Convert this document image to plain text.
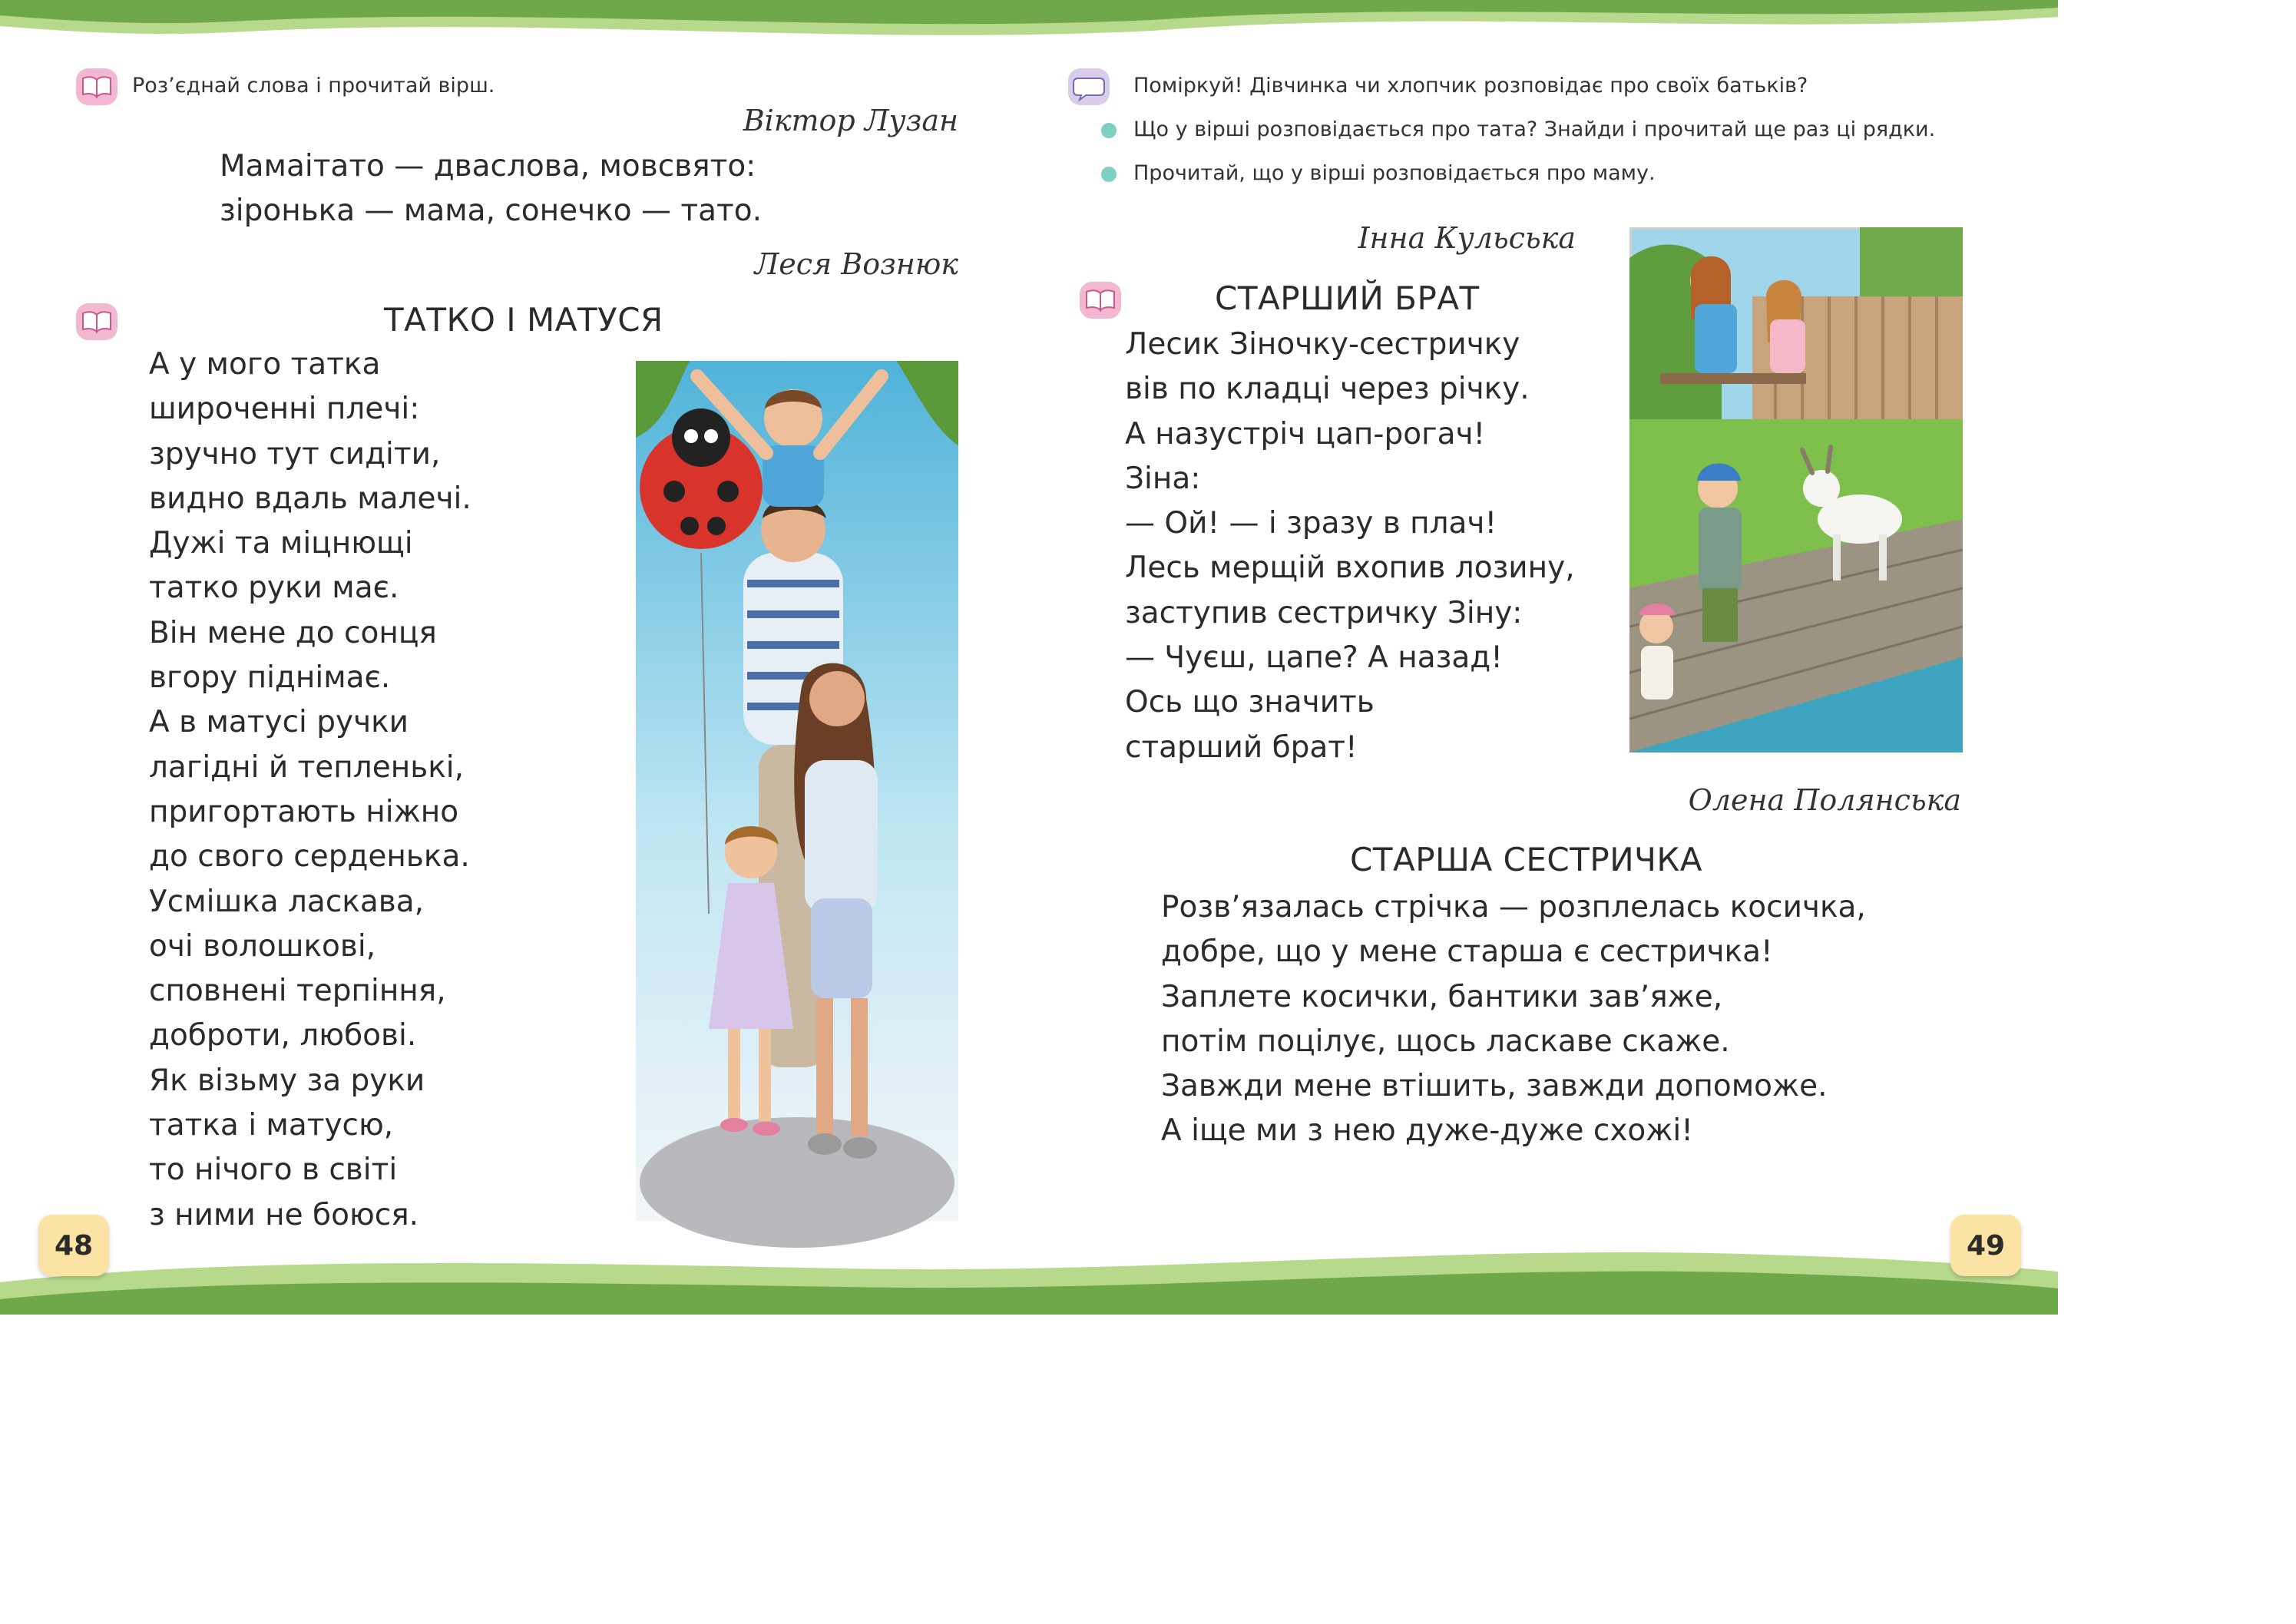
Роз’єднай слова і прочитай вірш.
Віктор Лузан
Мамаітато — дваслова, мовсвято:
зіронька — мама, сонечко — тато.
Леся Вознюк
ТАТКО І МАТУСЯ
А у мого татка
широченні плечі:
зручно тут сидіти,
видно вдаль малечі.
Дужі та міцнющі
татко руки має.
Він мене до сонця
вгору піднімає.
А в матусі ручки
лагідні й тепленькі,
пригортають ніжно
до свого серденька.
Усмішка ласкава,
очі волошкові,
сповнені терпіння,
доброти, любові.
Як візьму за руки
татка і матусю,
то нічого в світі
з ними не боюся.
48
Поміркуй! Дівчинка чи хлопчик розповідає про своїх батьків?
Що у вірші розповідається про тата? Знайди і прочитай ще раз ці рядки.
Прочитай, що у вірші розповідається про маму.
Інна Кульська
СТАРШИЙ БРАТ
Лесик Зіночку-сестричку
вів по кладці через річку.
А назустріч цап-рогач!
Зіна:
— Ой! — і зразу в плач!
Лесь мерщій вхопив лозину,
заступив сестричку Зіну:
— Чуєш, цапе? А назад!
Ось що значить
старший брат!
Олена Полянська
СТАРША СЕСТРИЧКА
Розв’язалась стрічка — розплелась косичка,
добре, що у мене старша є сестричка!
Заплете косички, бантики зав’яже,
потім поцілує, щось ласкаве скаже.
Завжди мене втішить, завжди допоможе.
А іще ми з нею дуже-дуже схожі!
49
